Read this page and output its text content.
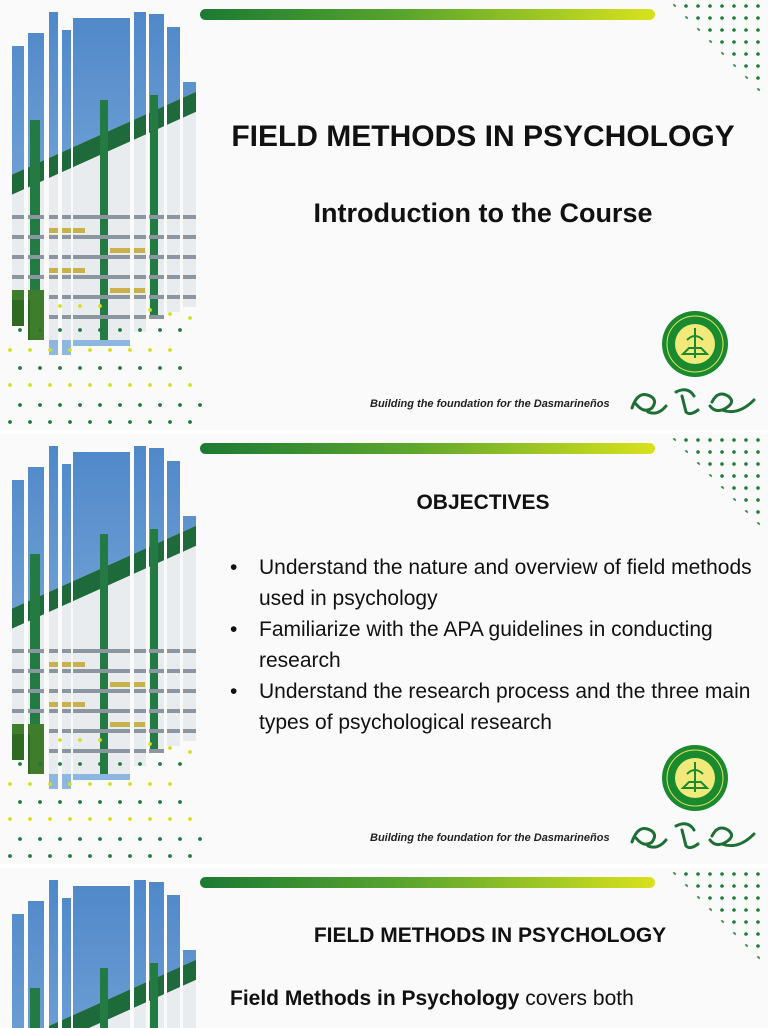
FIELD METHODS IN PSYCHOLOGY
Introduction to the Course
Building the foundation for the Dasmarineños
OBJECTIVES
• Understand the nature and overview of field methods used in psychology
• Familiarize with the APA guidelines in conducting research
• Understand the research process and the three main types of psychological research
Building the foundation for the Dasmarineños
FIELD METHODS IN PSYCHOLOGY
Field Methods in Psychology covers both
